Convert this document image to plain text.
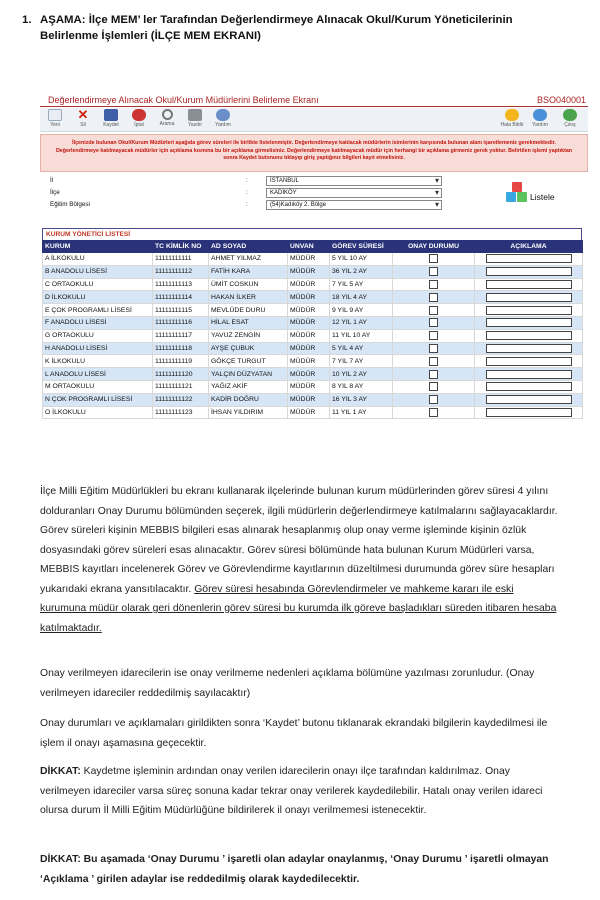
1. AŞAMA: İlçe MEM’ ler Tarafından Değerlendirmeye Alınacak Okul/Kurum Yöneticilerinin
Belirlenme İşlemleri (İLÇE MEM EKRANI)
Değerlendirmeye Alınacak Okul/Kurum Müdürlerini Belirleme Ekranı	BSO040001
Yeni
✕
Sil	Kaydet	İptal	Arama	Yazdır	Yardım	Hata Bildir	Yardım	Çıkış
İlçenizde bulunan Okul/Kurum Müdürleri aşağıda görev süreleri ile birlikte listelenmiştir. Değerlendirmeye katılacak müdürlerin isimlerinin karşısında bulunan alanı işaretlemeniz gerekmektedir. Değerlendirmeye katılmayacak müdürler için açıklama kısmına bu bir açıklama girmelisiniz. Değerlendirmeye katılmayacak müdür için herhangi bir açıklama girmeniz gerek yoktur. Belirtilen işlemi yaptıktan sonra Kaydet butonunu tıklayıp giriş yaptığınız bilgileri kayıt etmelisiniz.
İl	:	İSTANBUL ▾
İlçe	:	KADIKÖY ▾
Eğitim Bölgesi	:	(54)Kadıköy 2. Bölge ▾
Listele
KURUM YÖNETİCİ LİSTESİ
KURUM	TC KİMLİK NO	AD SOYAD	UNVAN	GÖREV SÜRESİ	ONAY DURUMU	AÇIKLAMA
A İLKOKULU	11111111111	AHMET YILMAZ	MÜDÜR	5 YIL 10 AY		
B ANADOLU LİSESİ	11111111112	FATİH KARA	MÜDÜR	36 YIL 2 AY		
C ORTAOKULU	11111111113	ÜMİT COSKUN	MÜDÜR	7 YIL 5 AY		
D İLKOKULU	11111111114	HAKAN İLKER	MÜDÜR	18 YIL 4 AY		
E ÇOK PROGRAMLI LİSESİ	11111111115	MEVLÜDE DURU	MÜDÜR	9 YIL 9 AY		
F ANADOLU LİSESİ	11111111116	HİLAL ESAT	MÜDÜR	12 YIL 1 AY		
G ORTAOKULU	11111111117	YAVUZ ZENGİN	MÜDÜR	11 YIL 10 AY		
H ANADOLU LİSESİ	11111111118	AYŞE ÇUBUK	MÜDÜR	5 YIL 4 AY		
K İLKOKULU	11111111119	GÖKÇE TURGUT	MÜDÜR	7 YIL 7 AY		
L ANADOLU LİSESİ	11111111120	YALÇIN DÜZYATAN	MÜDÜR	10 YIL 2 AY		
M ORTAOKULU	11111111121	YAĞIZ AKİF	MÜDÜR	8 YIL 8 AY		
N ÇOK PROGRAMLI LİSESİ	11111111122	KADİR DOĞRU	MÜDÜR	16 YIL 3 AY		
O İLKOKULU	11111111123	İHSAN YILDIRIM	MÜDÜR	11 YIL 1 AY		
İlçe Milli Eğitim Müdürlükleri bu ekranı kullanarak ilçelerinde bulunan kurum müdürlerinden görev süresi 4 yılını dolduranları Onay Durumu bölümünden seçerek, ilgili müdürlerin değerlendirmeye katılmalarını sağlayacaklardır. Görev süreleri kişinin MEBBIS bilgileri esas alınarak hesaplanmış olup onay verme işleminde kişinin özlük dosyasındaki görev süreleri esas alınacaktır. Görev süresi bölümünde hata bulunan Kurum Müdürleri varsa, MEBBIS kayıtları incelenerek Görev ve Görevlendirme kayıtlarının düzeltilmesi durumunda görev süre hesapları yukarıdaki ekrana yansıtılacaktır. Görev süresi hesabında Görevlendirmeler ve mahkeme kararı ile eski kurumuna müdür olarak geri dönenlerin görev süresi bu kurumda ilk göreve başladıkları süreden itibaren hesaba katılmaktadır.
Onay verilmeyen idarecilerin ise onay verilmeme nedenleri açıklama bölümüne yazılması zorunludur. (Onay verilmeyen idareciler reddedilmiş sayılacaktır)
Onay durumları ve açıklamaları girildikten sonra ‘Kaydet’ butonu tıklanarak ekrandaki bilgilerin kaydedilmesi ile işlem il onayı aşamasına geçecektir.
DİKKAT: Kaydetme işleminin ardından onay verilen idarecilerin onayı ilçe tarafından kaldırılmaz. Onay verilmeyen idareciler varsa süreç sonuna kadar tekrar onay verilerek kaydedilebilir. Hatalı onay verilen idareci olursa durum İl Milli Eğitim Müdürlüğüne bildirilerek il onayı verilmemesi istenecektir.
DİKKAT: Bu aşamada ‘Onay Durumu ’ işaretli olan adaylar onaylanmış, ‘Onay Durumu ’ işaretli olmayan ‘Açıklama ’ girilen adaylar ise reddedilmiş olarak kaydedilecektir.
